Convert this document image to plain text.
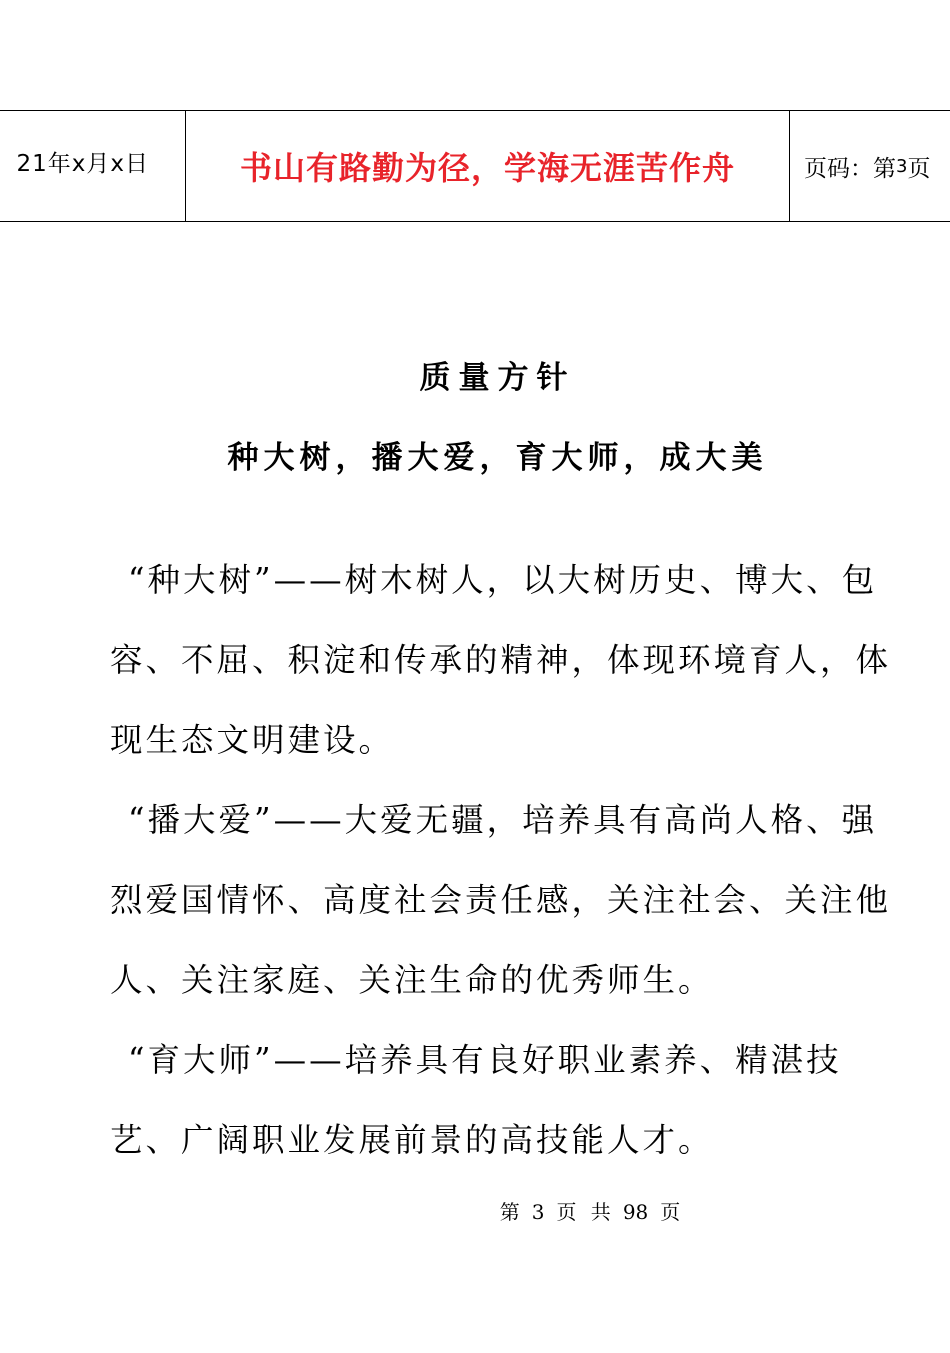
21年x月x日	书山有路勤为径，学海无涯苦作舟	页码：第 3 页
质量方针
种大树，播大爱，育大师，成大美

“种大树”——树木树人，以大树历史、博大、包容、不屈、积淀和传承的精神，体现环境育人，体现生态文明建设。

“播大爱”——大爱无疆，培养具有高尚人格、强烈爱国情怀、高度社会责任感，关注社会、关注他人、关注家庭、关注生命的优秀师生。

“育大师”——培养具有良好职业素养、精湛技艺、广阔职业发展前景的高技能人才。

第 3 页 共 98 页
